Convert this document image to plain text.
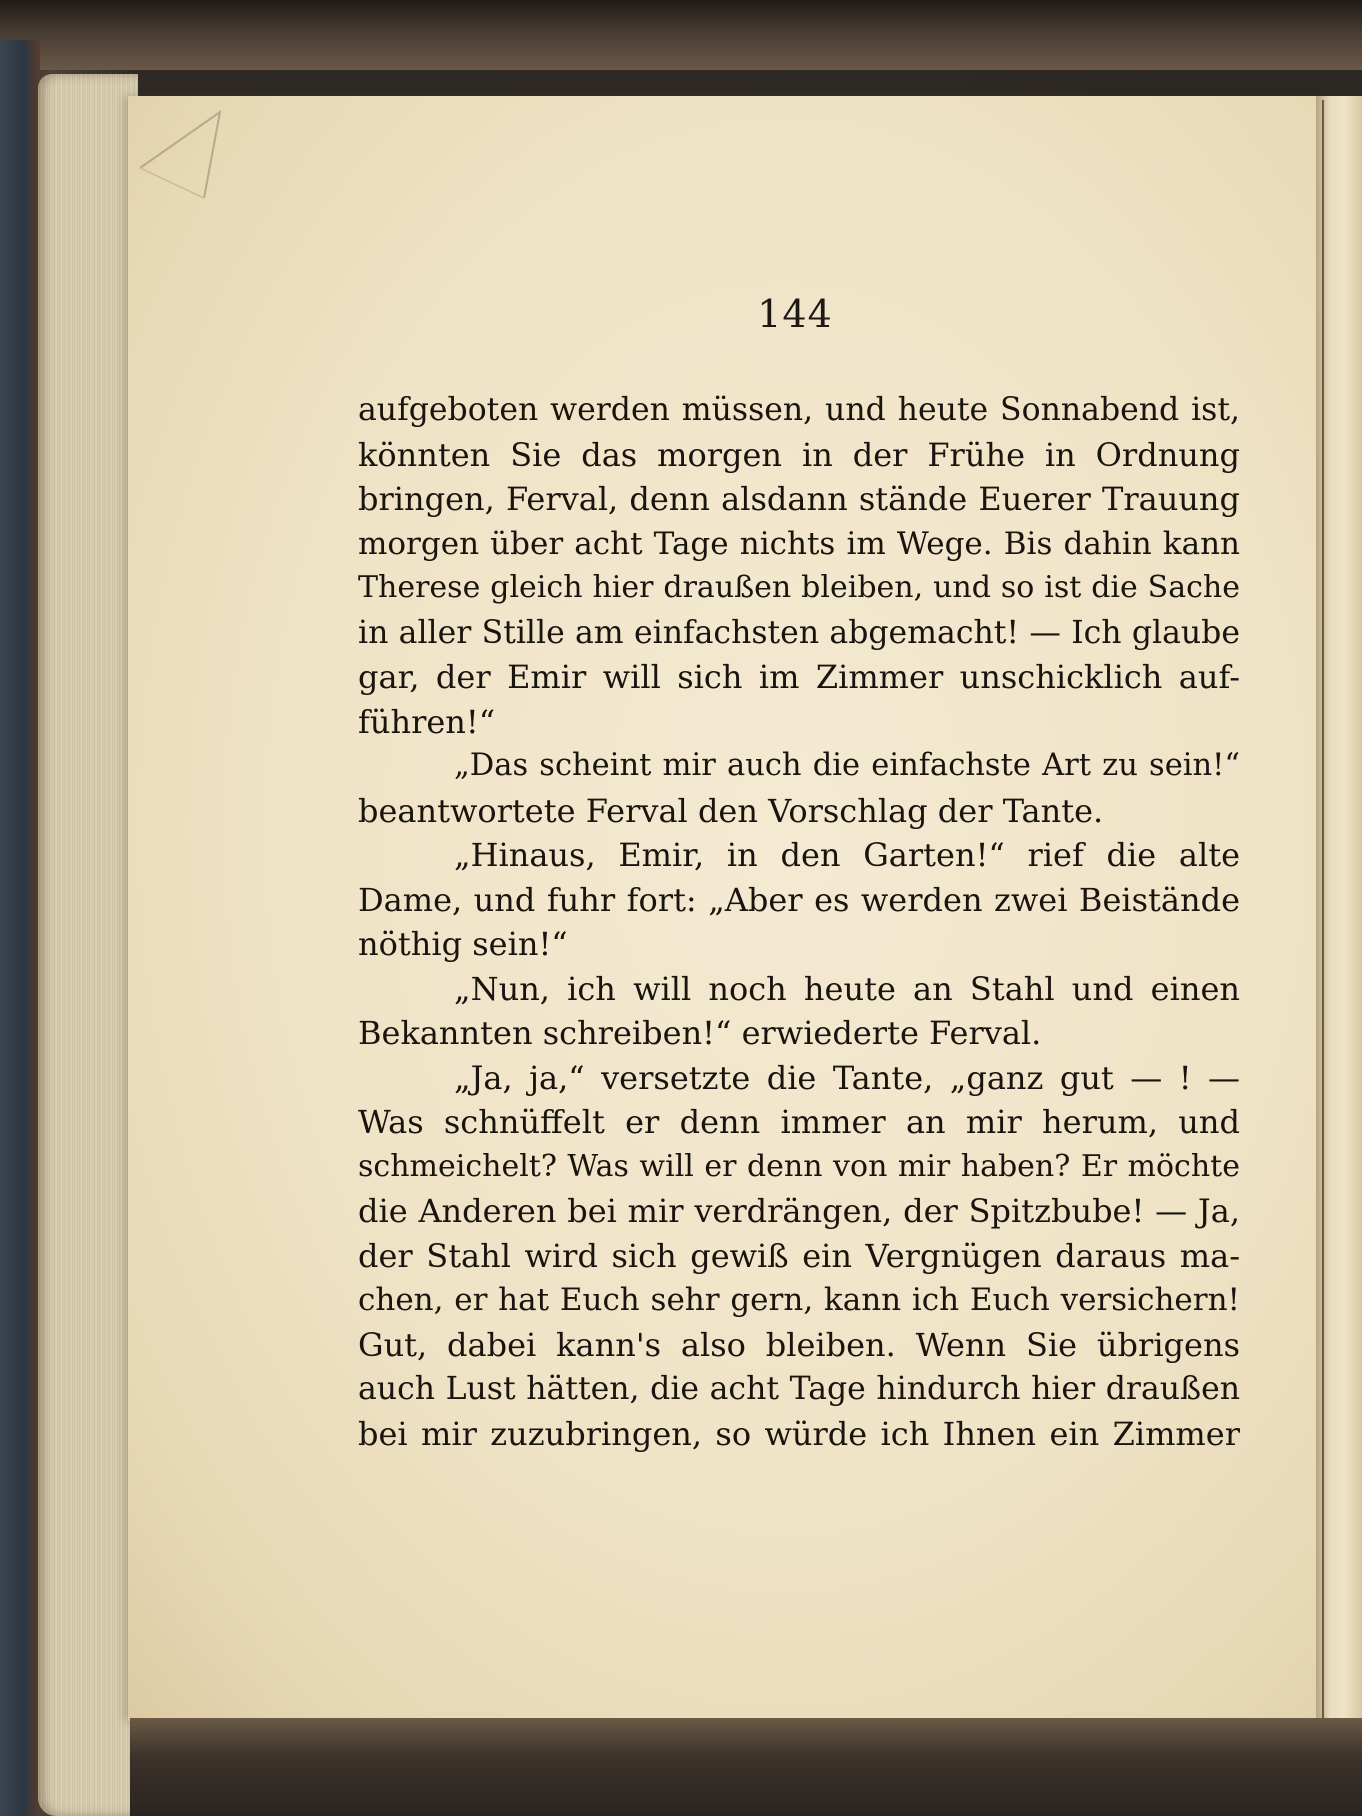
144
aufgeboten werden müssen, und heute Sonnabend ist,
könnten Sie das morgen in der Frühe in Ordnung
bringen, Ferval, denn alsdann stände Euerer Trauung
morgen über acht Tage nichts im Wege. Bis dahin kann
Therese gleich hier draußen bleiben, und so ist die Sache
in aller Stille am einfachsten abgemacht! — Ich glaube
gar, der Emir will sich im Zimmer unschicklich auf-
führen!“
„Das scheint mir auch die einfachste Art zu sein!“
beantwortete Ferval den Vorschlag der Tante.
„Hinaus, Emir, in den Garten!“ rief die alte
Dame, und fuhr fort: „Aber es werden zwei Beistände
nöthig sein!“
„Nun, ich will noch heute an Stahl und einen
Bekannten schreiben!“ erwiederte Ferval.
„Ja, ja,“ versetzte die Tante, „ganz gut — ! —
Was schnüffelt er denn immer an mir herum, und
schmeichelt? Was will er denn von mir haben? Er möchte
die Anderen bei mir verdrängen, der Spitzbube! — Ja,
der Stahl wird sich gewiß ein Vergnügen daraus ma-
chen, er hat Euch sehr gern, kann ich Euch versichern!
Gut, dabei kann's also bleiben. Wenn Sie übrigens
auch Lust hätten, die acht Tage hindurch hier draußen
bei mir zuzubringen, so würde ich Ihnen ein Zimmer
